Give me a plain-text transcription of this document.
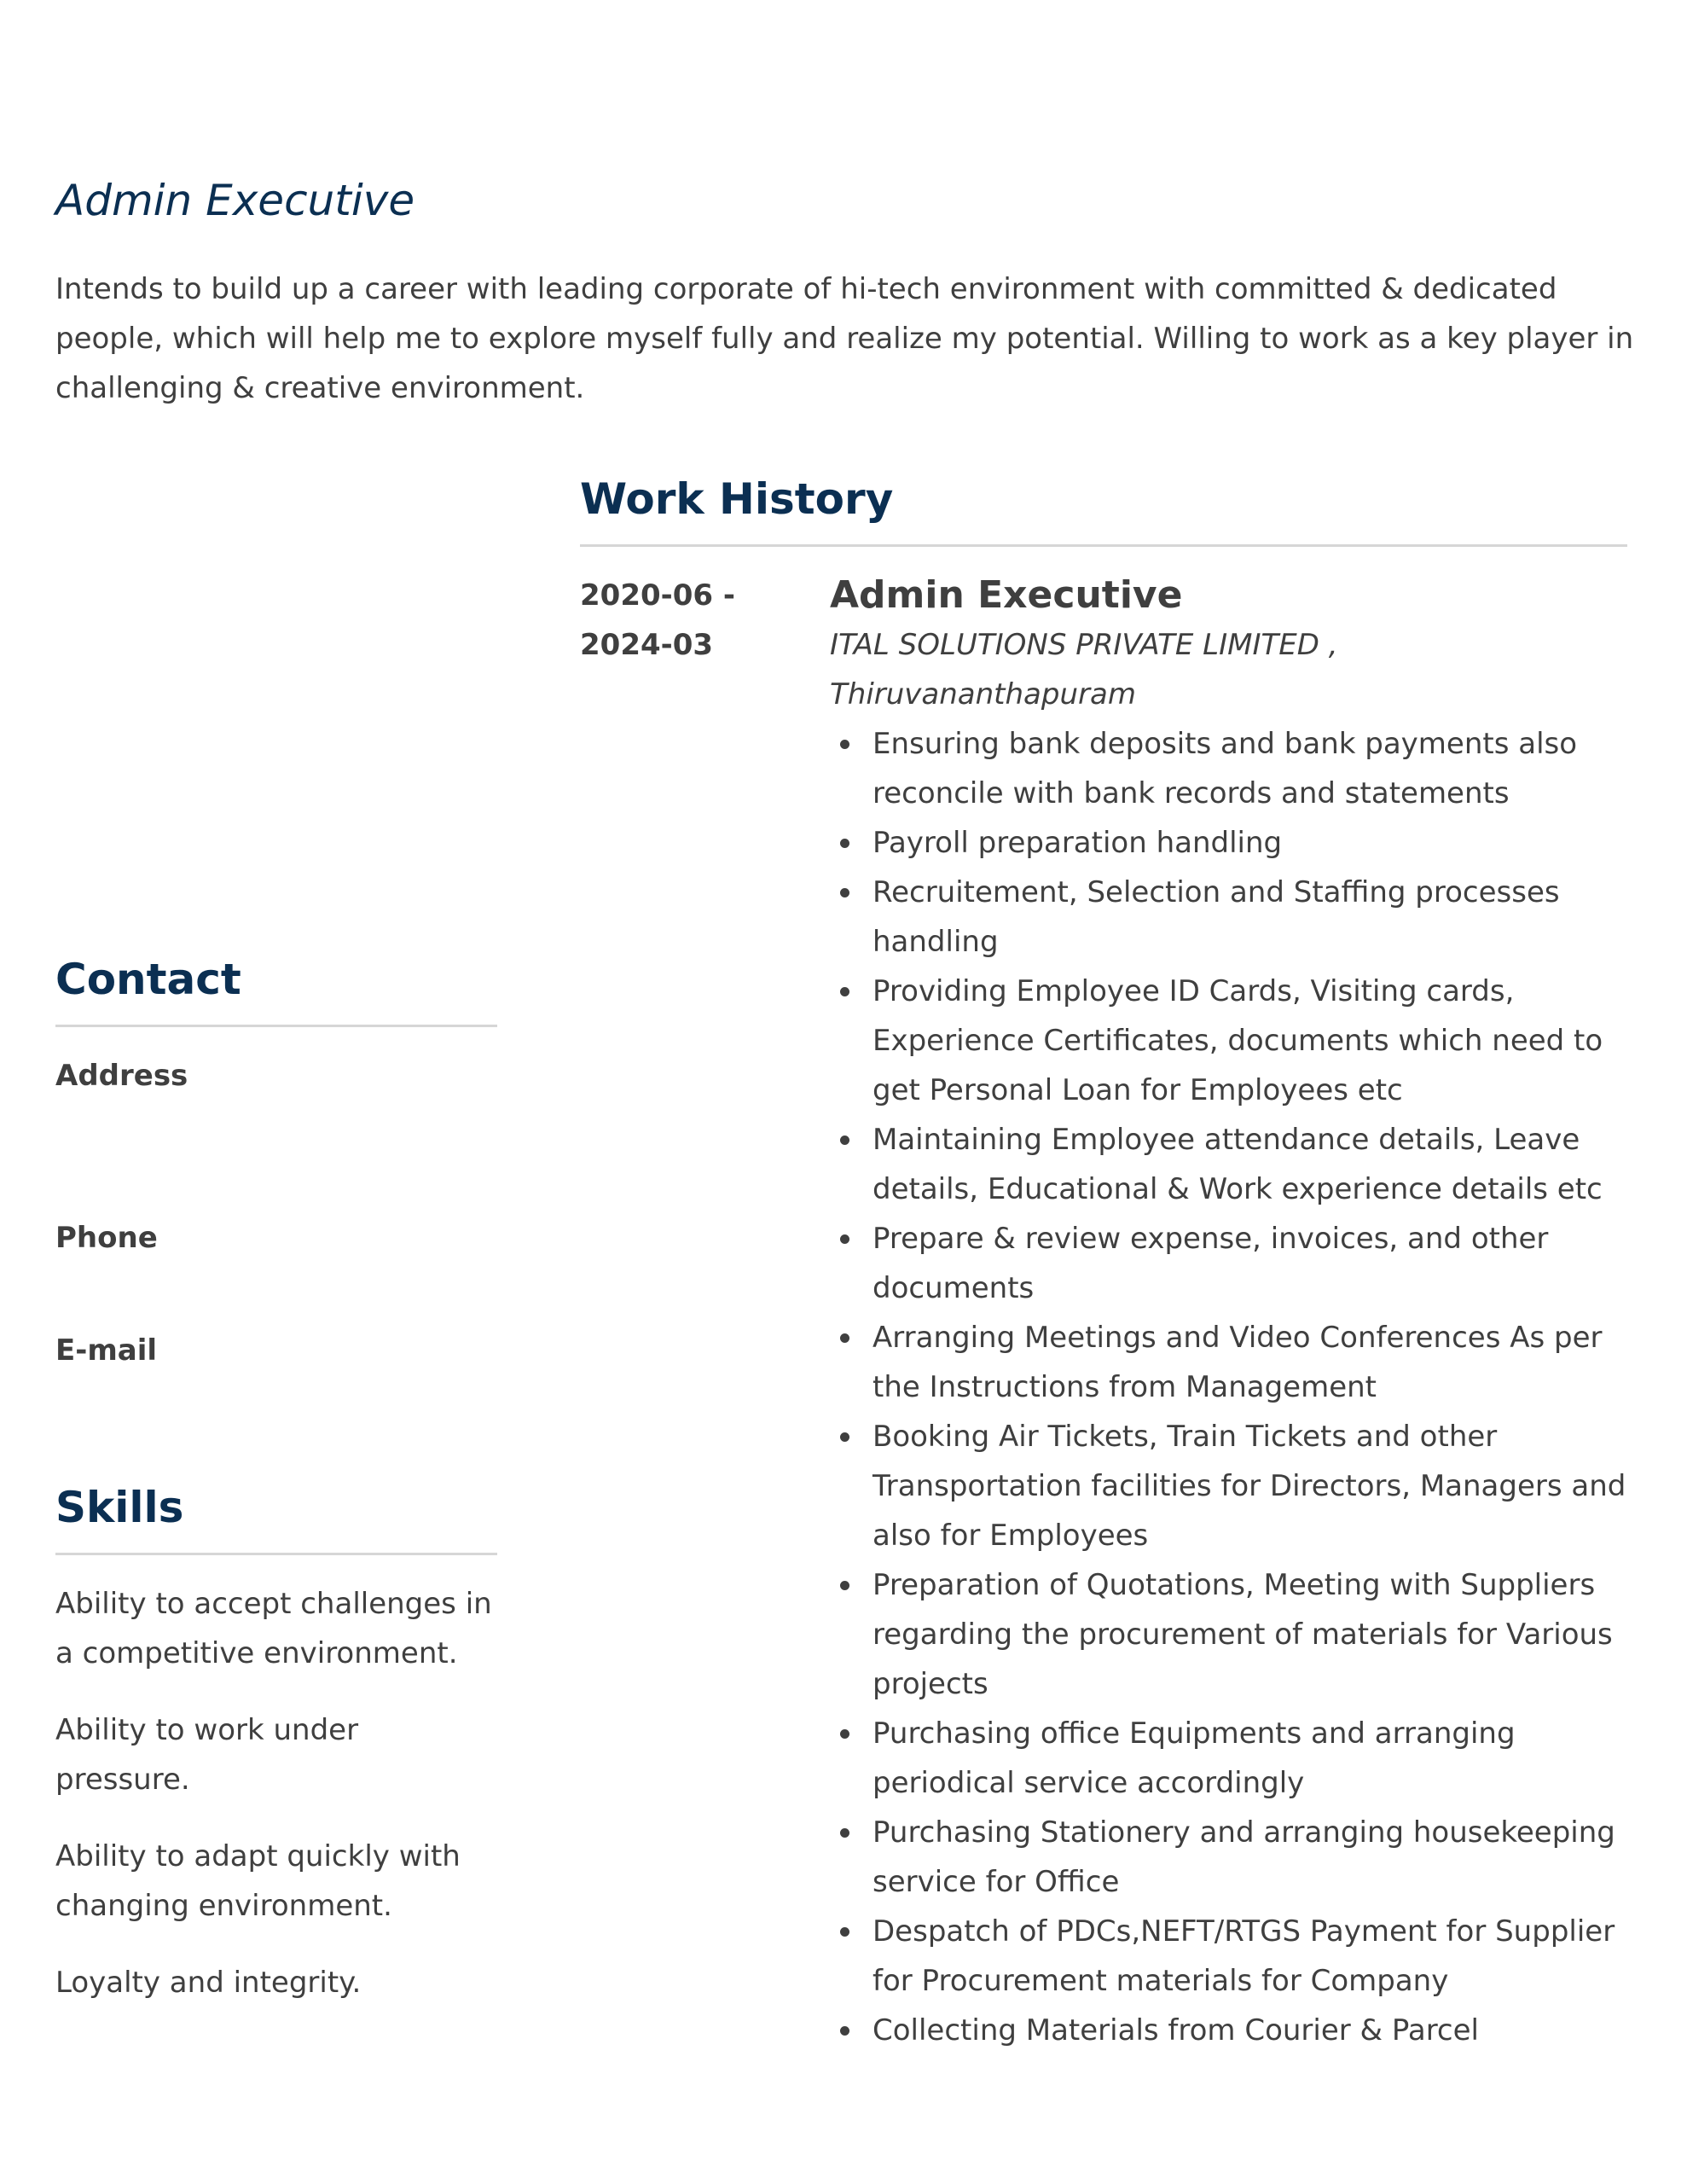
Admin Executive

Intends to build up a career with leading corporate of hi-tech environment with committed & dedicated people, which will help me to explore myself fully and realize my potential. Willing to work as a key player in challenging & creative environment.

Work History
2020-06 -
2024-03
Admin Executive

ITAL SOLUTIONS PRIVATE LIMITED , Thiruvananthapuram

Ensuring bank deposits and bank payments also reconcile with bank records and statements
Payroll preparation handling
Recruitement, Selection and Staffing processes handling
Providing Employee ID Cards, Visiting cards, Experience Certificates, documents which need to get Personal Loan for Employees etc
Maintaining Employee attendance details, Leave details, Educational & Work experience details etc
Prepare & review expense, invoices, and other documents
Arranging Meetings and Video Conferences As per the Instructions from Management
Booking Air Tickets, Train Tickets and other Transportation facilities for Directors, Managers and also for Employees
Preparation of Quotations, Meeting with Suppliers regarding the procurement of materials for Various projects
Purchasing office Equipments and arranging periodical service accordingly
Purchasing Stationery and arranging housekeeping service for Office
Despatch of PDCs,NEFT/RTGS Payment for Supplier for Procurement materials for Company
Collecting Materials from Courier & Parcel
Contact

Address

Phone

E-mail

Skills

Ability to accept challenges in a competitive environment.

Ability to work under pressure.

Ability to adapt quickly with changing environment.

Loyalty and integrity.
